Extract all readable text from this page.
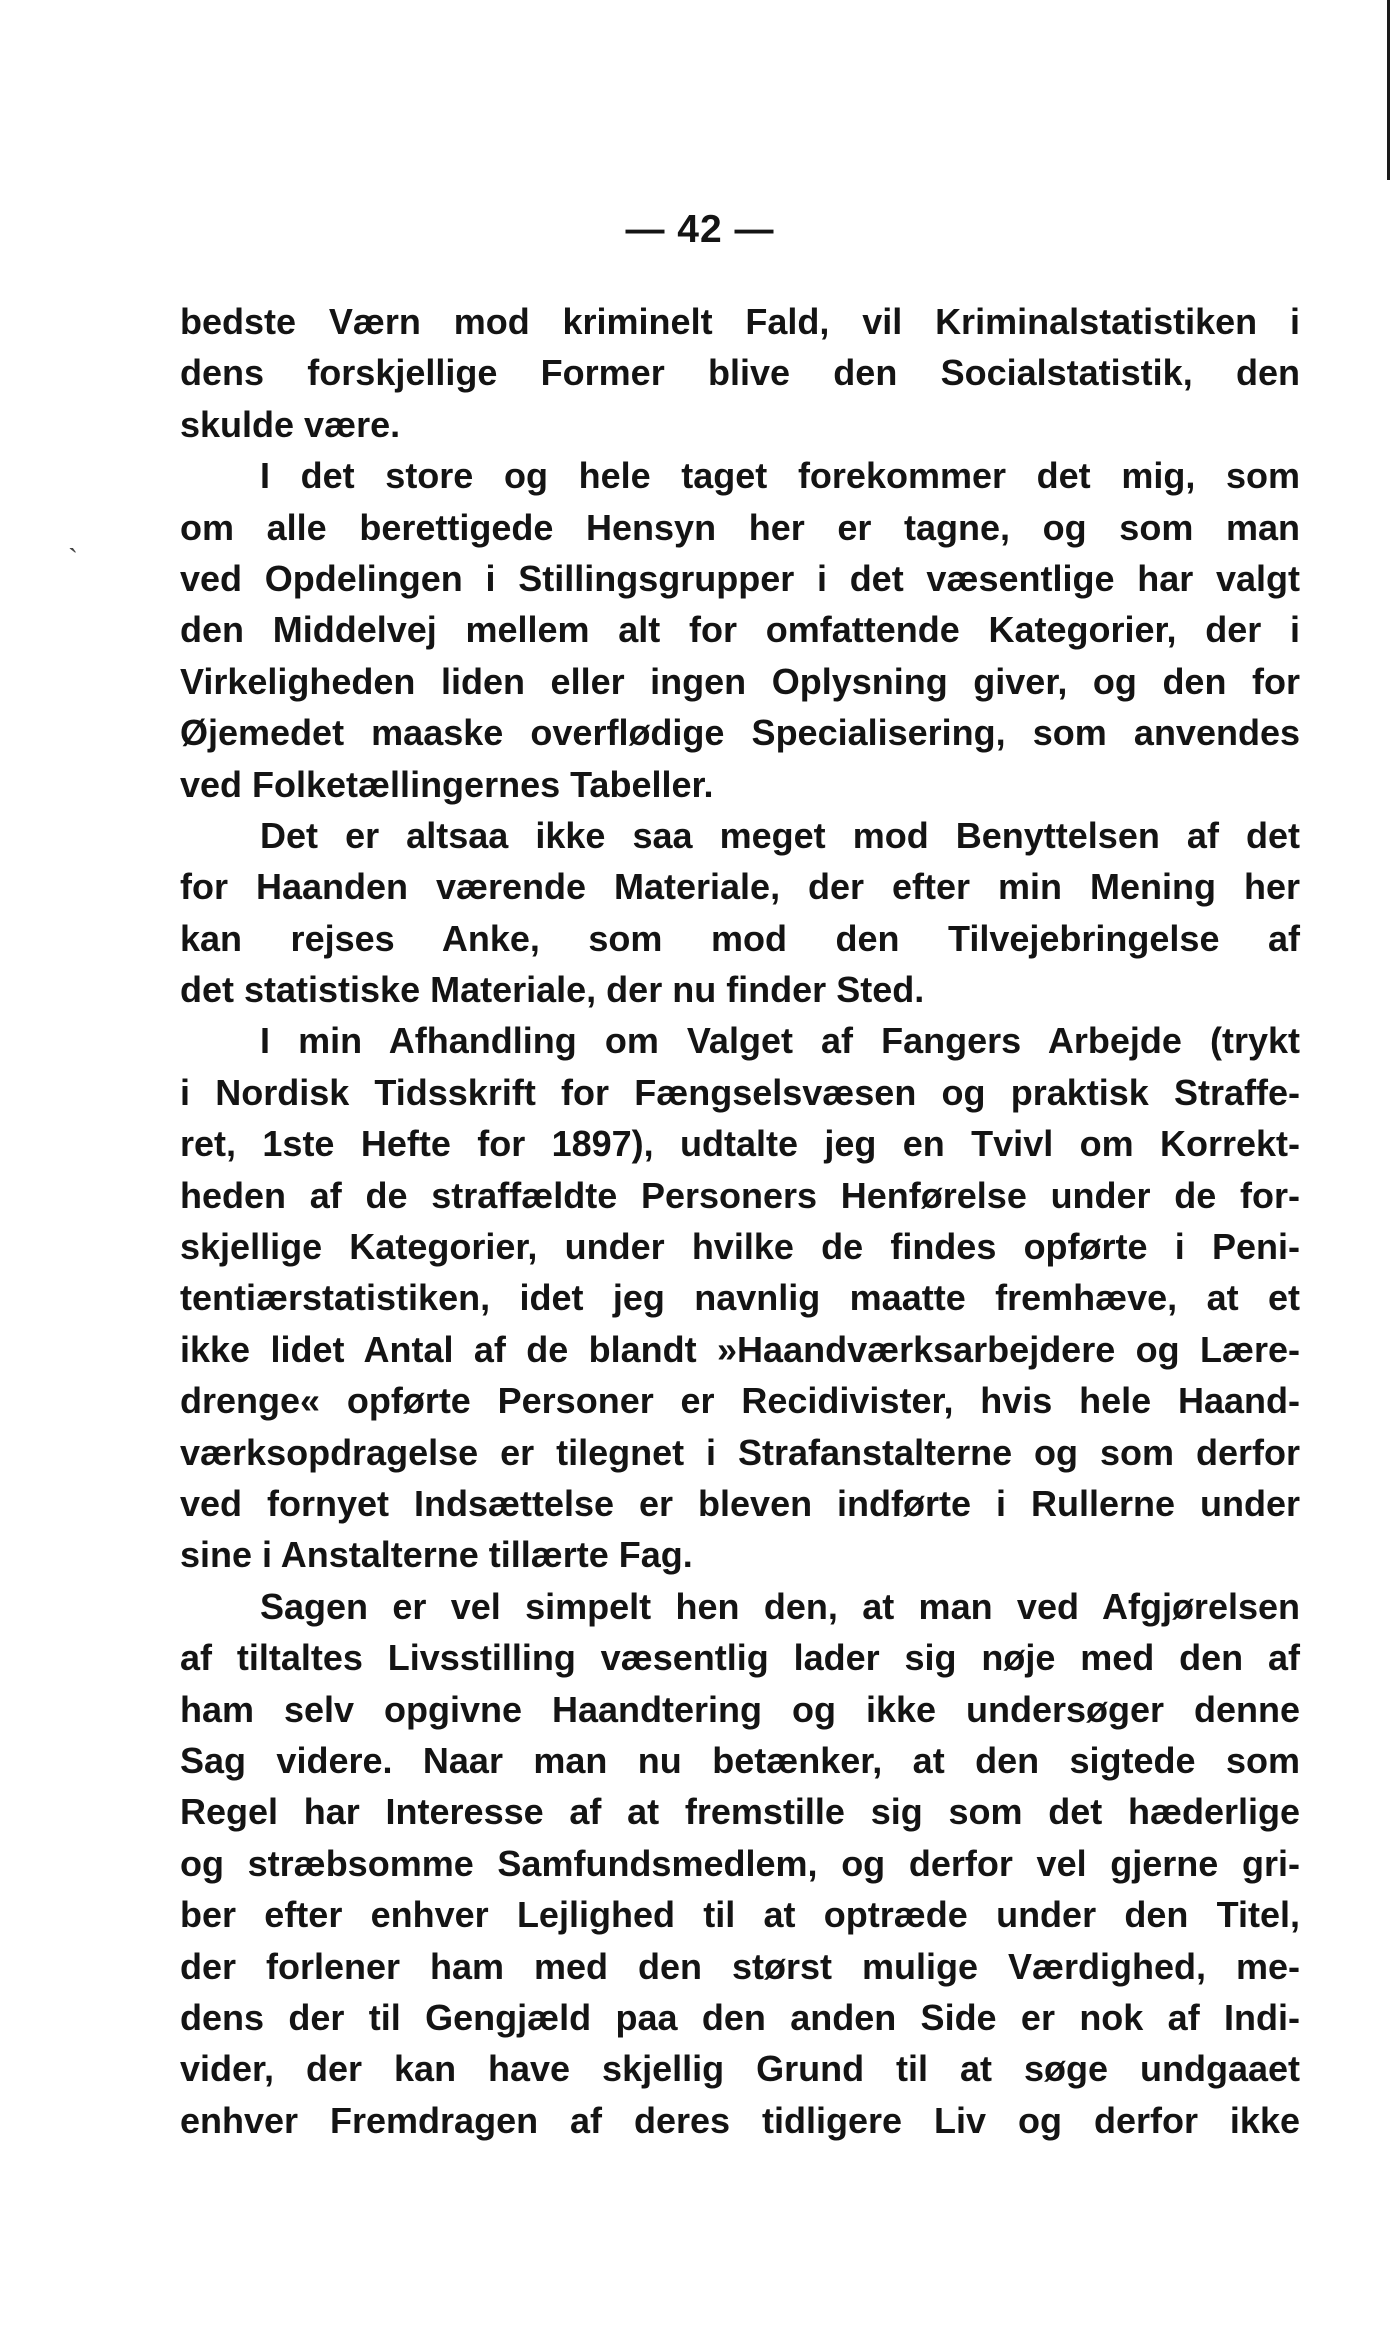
ˏ
— 42 —
bedste Værn mod kriminelt Fald, vil Kriminalstatistiken i
dens forskjellige Former blive den Socialstatistik, den
skulde være.
I det store og hele taget forekommer det mig, som
om alle berettigede Hensyn her er tagne, og som man
ved Opdelingen i Stillingsgrupper i det væsentlige har valgt
den Middelvej mellem alt for omfattende Kategorier, der i
Virkeligheden liden eller ingen Oplysning giver, og den for
Øjemedet maaske overflødige Specialisering, som anvendes
ved Folketællingernes Tabeller.
Det er altsaa ikke saa meget mod Benyttelsen af det
for Haanden værende Materiale, der efter min Mening her
kan rejses Anke, som mod den Tilvejebringelse af
det statistiske Materiale, der nu finder Sted.
I min Afhandling om Valget af Fangers Arbejde (trykt
i Nordisk Tidsskrift for Fængselsvæsen og praktisk Straffe-
ret, 1ste Hefte for 1897), udtalte jeg en Tvivl om Korrekt-
heden af de straffældte Personers Henførelse under de for-
skjellige Kategorier, under hvilke de findes opførte i Peni-
tentiærstatistiken, idet jeg navnlig maatte fremhæve, at et
ikke lidet Antal af de blandt »Haandværksarbejdere og Lære-
drenge« opførte Personer er Recidivister, hvis hele Haand-
værksopdragelse er tilegnet i Strafanstalterne og som derfor
ved fornyet Indsættelse er bleven indførte i Rullerne under
sine i Anstalterne tillærte Fag.
Sagen er vel simpelt hen den, at man ved Afgjørelsen
af tiltaltes Livsstilling væsentlig lader sig nøje med den af
ham selv opgivne Haandtering og ikke undersøger denne
Sag videre. Naar man nu betænker, at den sigtede som
Regel har Interesse af at fremstille sig som det hæderlige
og stræbsomme Samfundsmedlem, og derfor vel gjerne gri-
ber efter enhver Lejlighed til at optræde under den Titel,
der forlener ham med den størst mulige Værdighed, me-
dens der til Gengjæld paa den anden Side er nok af Indi-
vider, der kan have skjellig Grund til at søge undgaaet
enhver Fremdragen af deres tidligere Liv og derfor ikke
